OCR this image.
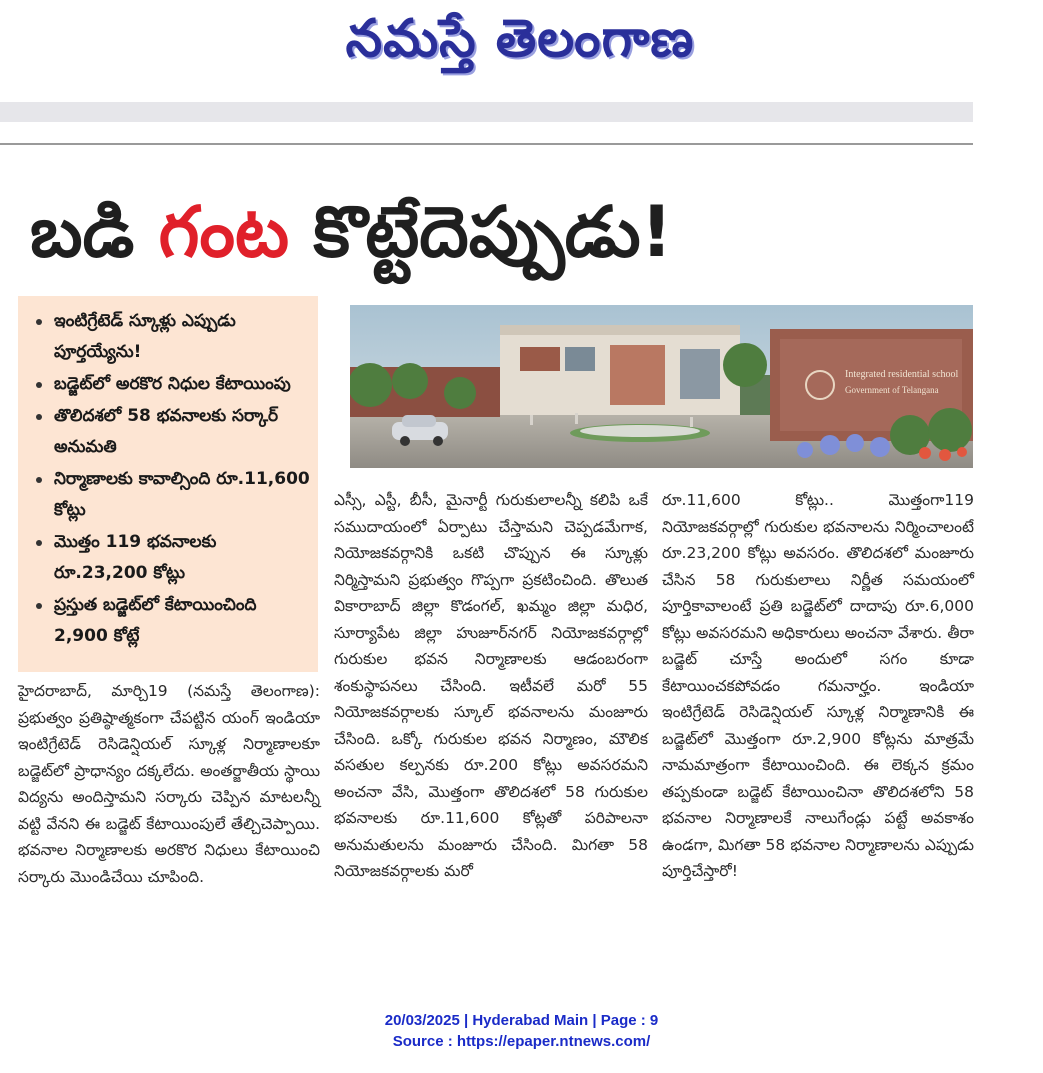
నమస్తే తెలంగాణ
బడి గంట కొట్టేదెప్పుడు!
ఇంటిగ్రేటెడ్ స్కూళ్లు ఎప్పుడు పూర్తయ్యేను!
బడ్జెట్‌లో అరకొర నిధుల కేటాయింపు
తొలిదశలో 58 భవనాలకు సర్కార్ అనుమతి
నిర్మాణాలకు కావాల్సింది రూ.11,600 కోట్లు
మొత్తం 119 భవనాలకు రూ.23,200 కోట్లు
ప్రస్తుత బడ్జెట్‌లో కేటాయించింది 2,900 కోట్లే
Integrated residential school
Government of Telangana
హైదరాబాద్, మార్చి19 (నమస్తే తెలంగాణ): ప్రభుత్వం ప్రతిష్ఠాత్మకంగా చేపట్టిన యంగ్ ఇండియా ఇంటిగ్రేటెడ్ రెసిడెన్షియల్ స్కూళ్ల నిర్మాణాలకూ బడ్జెట్‌లో ప్రాధాన్యం దక్కలేదు. అంతర్జాతీయ స్థాయి విద్యను అందిస్తామని సర్కారు చెప్పిన మాటలన్నీ వట్టి వేనని ఈ బడ్జెట్ కేటాయింపులే తేల్చిచెప్పాయి. భవనాల నిర్మాణాలకు అరకొర నిధులు కేటాయించి సర్కారు మొండిచేయి చూపింది.
ఎస్సీ, ఎస్టీ, బీసీ, మైనార్టీ గురుకులాలన్నీ కలిపి ఒకే సముదాయంలో ఏర్పాటు చేస్తామని చెప్పడమేగాక, నియోజకవర్గానికి ఒకటి చొప్పున ఈ స్కూళ్లు నిర్మిస్తామని ప్రభుత్వం గొప్పగా ప్రకటించింది. తొలుత వికారాబాద్ జిల్లా కొడంగల్, ఖమ్మం జిల్లా మధిర, సూర్యాపేట జిల్లా హుజూర్‌నగర్ నియోజకవర్గాల్లో గురుకుల భవన నిర్మాణాలకు ఆడంబరంగా శంకుస్థాపనలు చేసింది. ఇటీవలే మరో 55 నియోజకవర్గాలకు స్కూల్ భవనాలను మంజూరు చేసింది. ఒక్కో గురుకుల భవన నిర్మాణం, మౌలిక వసతుల కల్పనకు రూ.200 కోట్లు అవసరమని అంచనా వేసి, మొత్తంగా తొలిదశలో 58 గురుకుల భవనాలకు రూ.11,600 కోట్లతో పరిపాలనా అనుమతులను మంజూరు చేసింది. మిగతా 58 నియోజకవర్గాలకు మరో
రూ.11,600 కోట్లు.. మొత్తంగా119 నియోజకవర్గాల్లో గురుకుల భవనాలను నిర్మించాలంటే రూ.23,200 కోట్లు అవసరం. తొలిదశలో మంజూరు చేసిన 58 గురుకులాలు నిర్ణీత సమయంలో పూర్తికావాలంటే ప్రతి బడ్జెట్‌లో దాదాపు రూ.6,000 కోట్లు అవసరమని అధికారులు అంచనా వేశారు. తీరా బడ్జెట్ చూస్తే అందులో సగం కూడా కేటాయించకపోవడం గమనార్హం. ఇండియా ఇంటిగ్రేటెడ్ రెసిడెన్షియల్ స్కూళ్ల నిర్మాణానికి ఈ బడ్జెట్‌లో మొత్తంగా రూ.2,900 కోట్లను మాత్రమే నామమాత్రంగా కేటాయించింది. ఈ లెక్కన క్రమం తప్పకుండా బడ్జెట్ కేటాయించినా తొలిదశలోని 58 భవనాల నిర్మాణాలకే నాలుగేండ్లు పట్టే అవకాశం ఉండగా, మిగతా 58 భవనాల నిర్మాణాలను ఎప్పుడు పూర్తిచేస్తారో!
20/03/2025 | Hyderabad Main | Page : 9
Source : https://epaper.ntnews.com/
